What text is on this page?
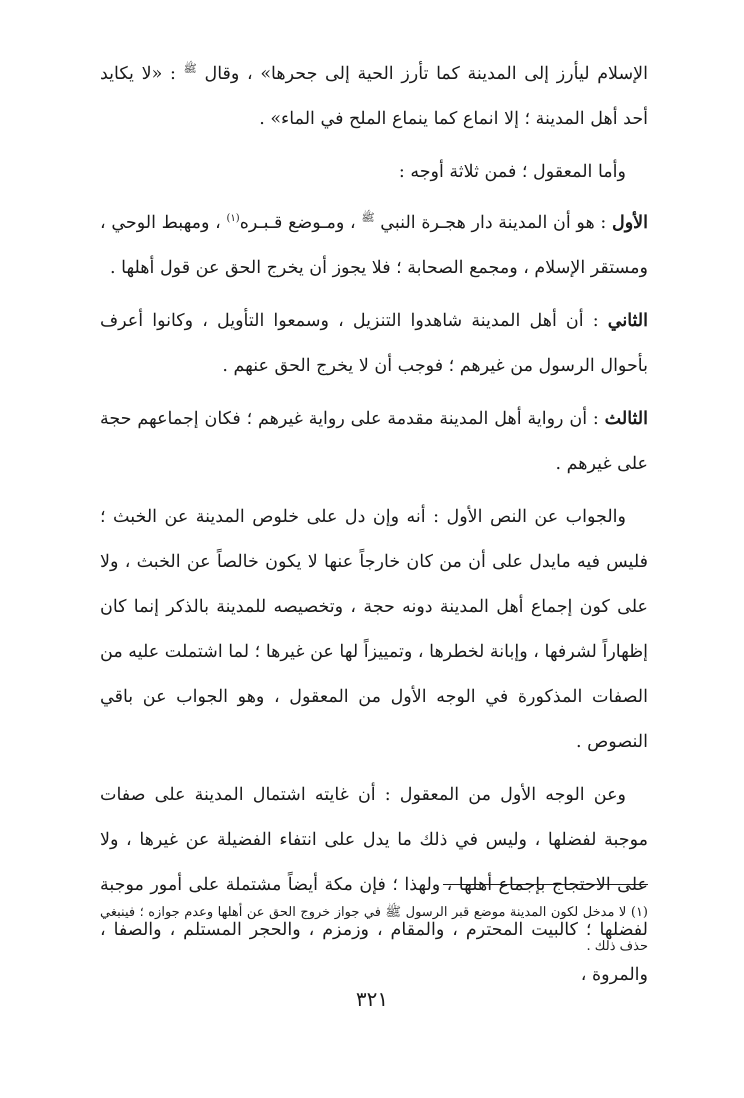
الإسلام ليأرز إلى المدينة كما تأرز الحية إلى جحرها» ، وقال $^ﷺ$ : «لا يكايد أحد أهل المدينة ؛ إلا انماع كما ينماع الملح في الماء» .

وأما المعقول ؛ فمن ثلاثة أوجه :

الأول : هو أن المدينة دار هجـرة النبي $^ﷺ$ ، ومـوضع قـبـره$^{(١)}$ ، ومهبط الوحي ، ومستقر الإسلام ، ومجمع الصحابة ؛ فلا يجوز أن يخرج الحق عن قول أهلها .

الثاني : أن أهل المدينة شاهدوا التنزيل ، وسمعوا التأويل ، وكانوا أعرف بأحوال الرسول من غيرهم ؛ فوجب أن لا يخرج الحق عنهم .

الثالث : أن رواية أهل المدينة مقدمة على رواية غيرهم ؛ فكان إجماعهم حجة على غيرهم .

والجواب عن النص الأول : أنه وإن دل على خلوص المدينة عن الخبث ؛ فليس فيه مايدل على أن من كان خارجاً عنها لا يكون خالصاً عن الخبث ، ولا على كون إجماع أهل المدينة دونه حجة ، وتخصيصه للمدينة بالذكر إنما كان إظهاراً لشرفها ، وإبانة لخطرها ، وتمييزاً لها عن غيرها ؛ لما اشتملت عليه من الصفات المذكورة في الوجه الأول من المعقول ، وهو الجواب عن باقي النصوص .

وعن الوجه الأول من المعقول : أن غايته اشتمال المدينة على صفات موجبة لفضلها ، وليس في ذلك ما يدل على انتفاء الفضيلة عن غيرها ، ولا على الاحتجاج بإجماع أهلها ، ولهذا ؛ فإن مكة أيضاً مشتملة على أمور موجبة لفضلها ؛ كالبيت المحترم ، والمقام ، وزمزم ، والحجر المستلم ، والصفا ، والمروة ،

(١) لا مدخل لكون المدينة موضع قبر الرسول ﷺ في جواز خروج الحق عن أهلها وعدم جوازه ؛ فينبغي حذف ذلك .
٣٢١
